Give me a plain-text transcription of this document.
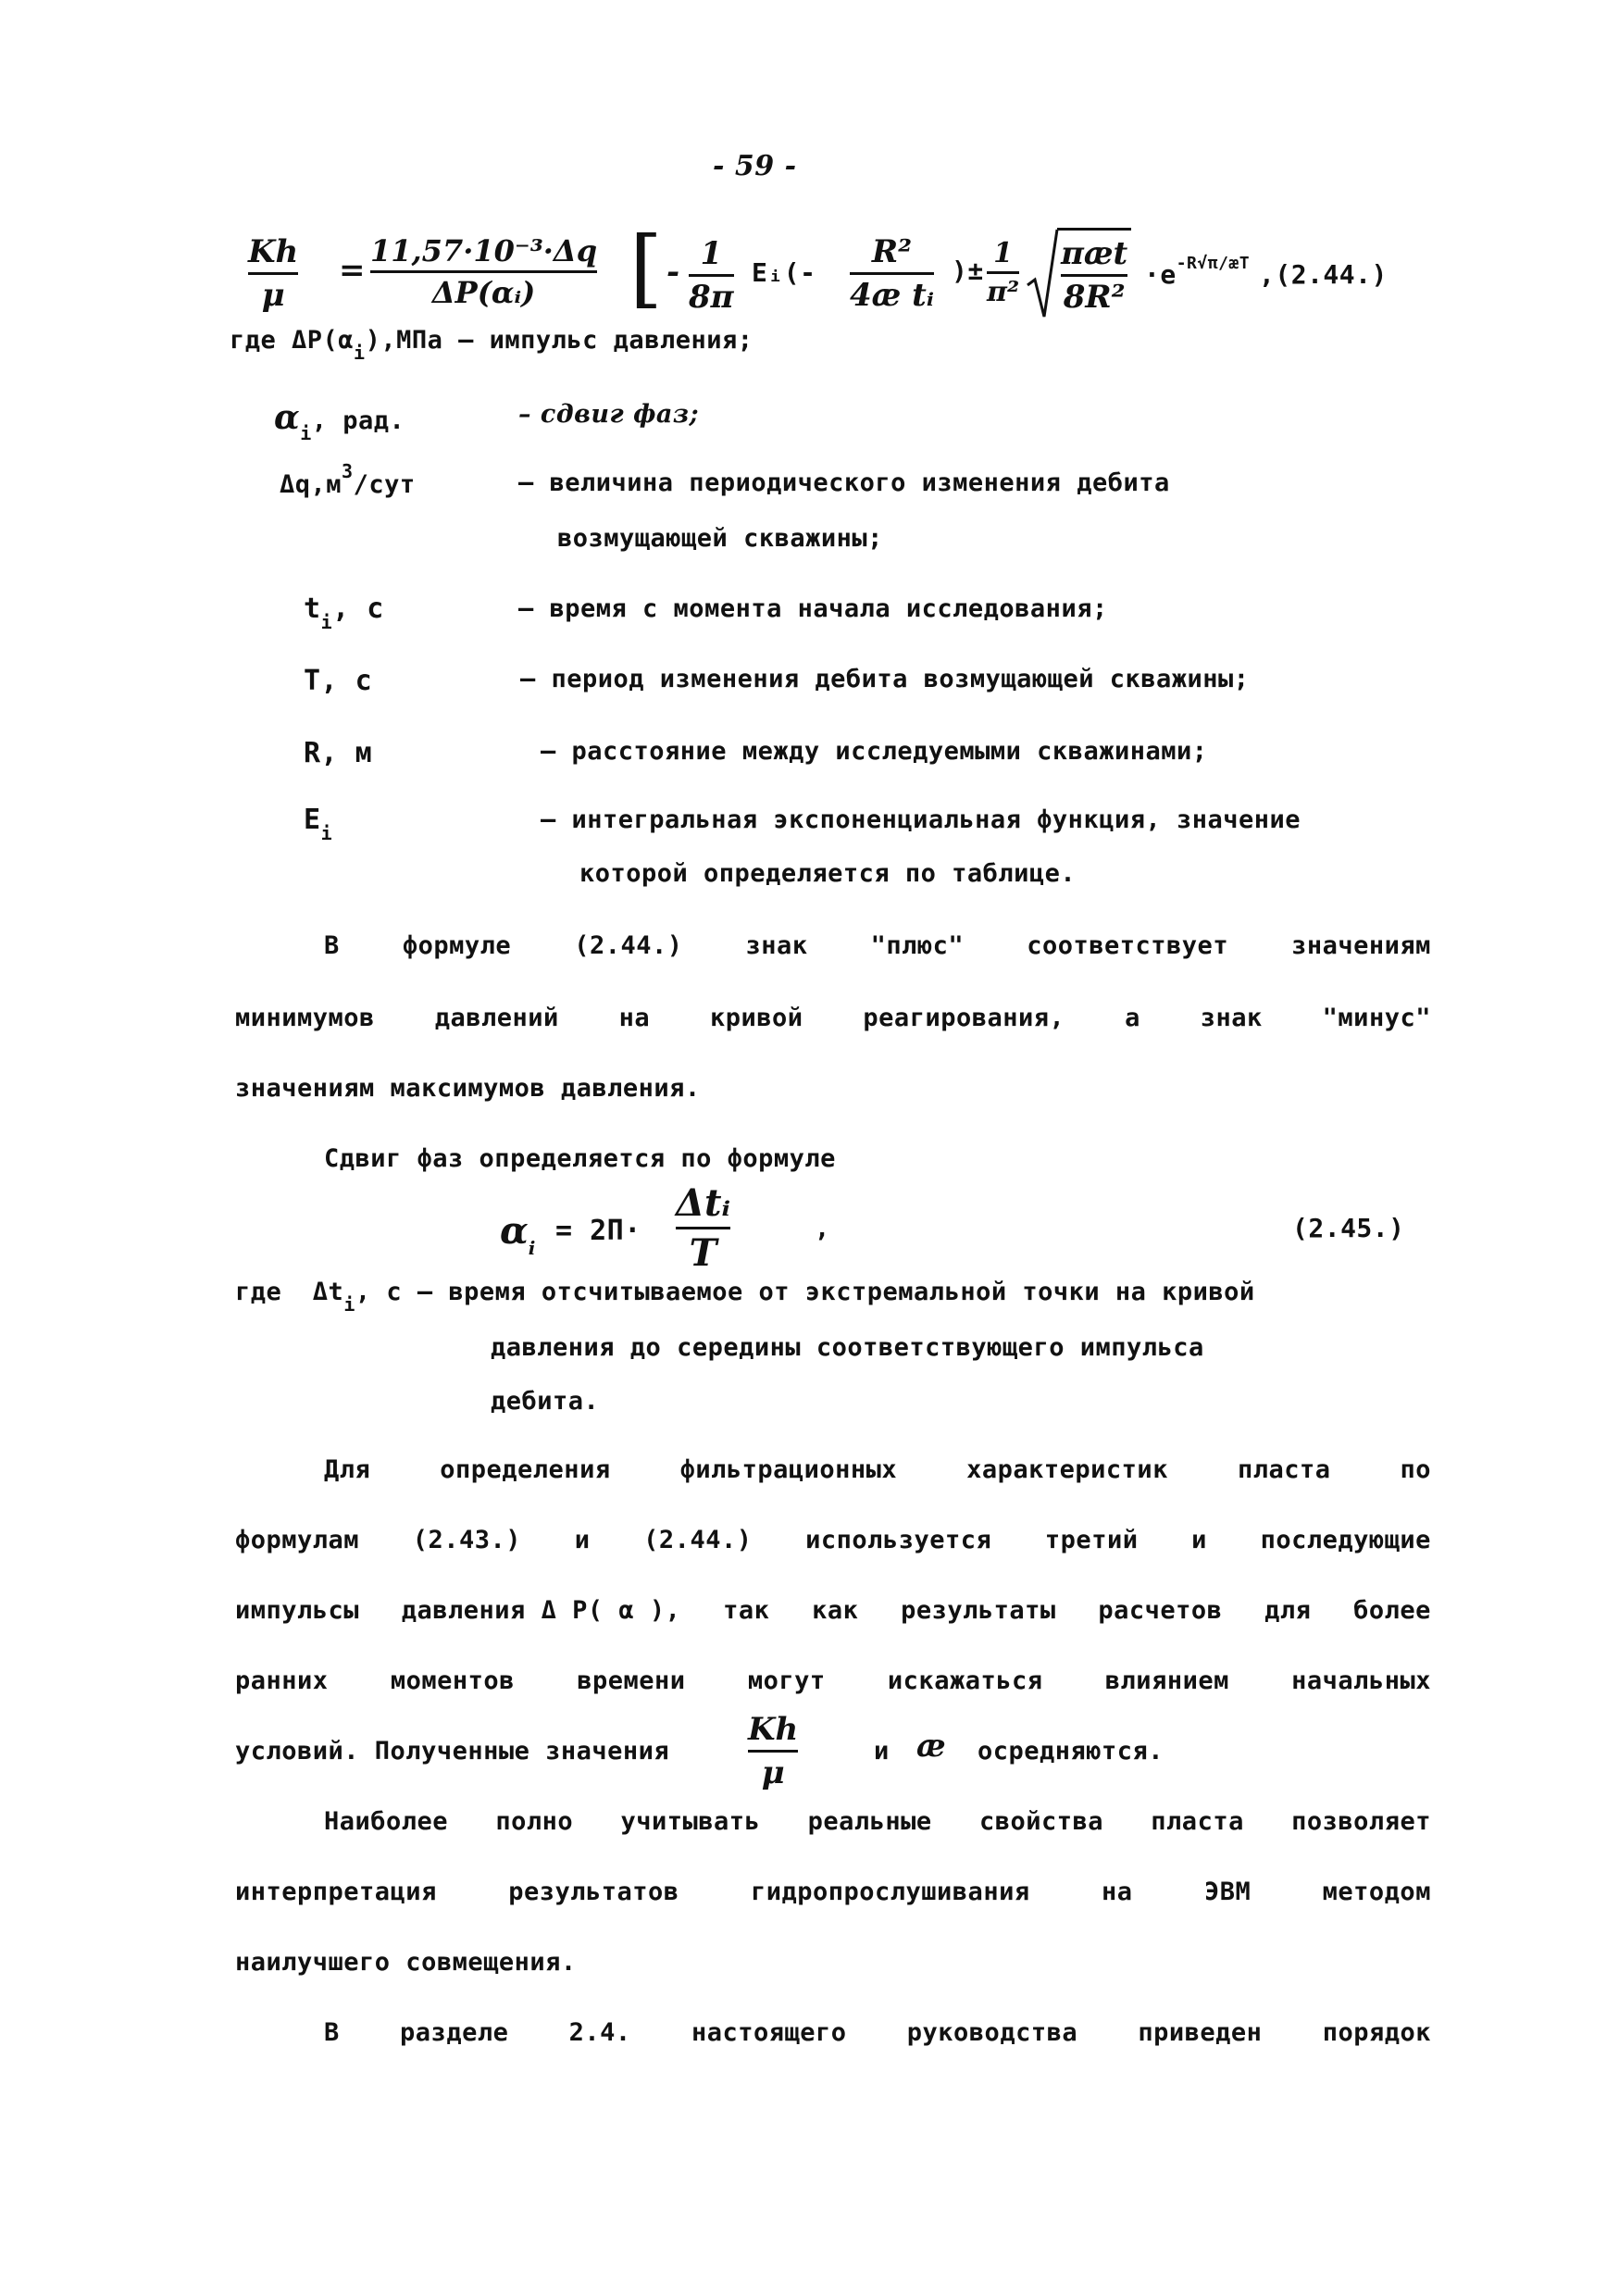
- 59 -
Kh
μ
=
11,57·10⁻³·Δq
ΔP(αᵢ) [ - 1
8π
Eᵢ(-
R²
4æ tᵢ
)±
1
π²
πæt
8R²
$\cdot e^{-R√\pi/æT}$ ,(2.44.)
где $\Delta P(\alpha_i),МПа$ – импульс давления;
$\alpha_i$, рад.	– сдвиг фаз;
$\Delta q,м^3$/сут	– величина периодического изменения дебита
возмущающей скважины;
$t_i$, с	– время с момента начала исследования;
T, с	– период изменения дебита возмущающей скважины;
R, м	– расстояние между исследуемыми скважинами;
$E_i$	– интегральная экспоненциальная функция, значение
которой определяется по таблице.
В	формуле	(2.44.)	знак	"плюс"	соответствует	значениям
минимумов давлений на кривой реагирования, а знак "минус"
значениям максимумов давления.
Сдвиг фаз определяется по формуле
$\alpha_i$
= 2П·
Δtᵢ
T
,	(2.45.)
где $\Delta t_i$, с – время отсчитываемое от экстремальной точки на кривой
давления до середины соответствующего импульса
дебита.
Для	определения	фильтрационных	характеристик	пласта	по
формулам (2.43.) и (2.44.) используется третий и последующие
импульсы давления Δ P( α ), так как результаты расчетов для более
ранних моментов времени могут искажаться влиянием начальных
условий. Полученные значения
Kh
μ
и æ осредняются.
Наиболее полно учитывать реальные свойства пласта позволяет
интерпретация	результатов	гидропрослушивания	на	ЭВМ	методом
наилучшего совмещения.
В разделе 2.4. настоящего руководства приведен порядок
